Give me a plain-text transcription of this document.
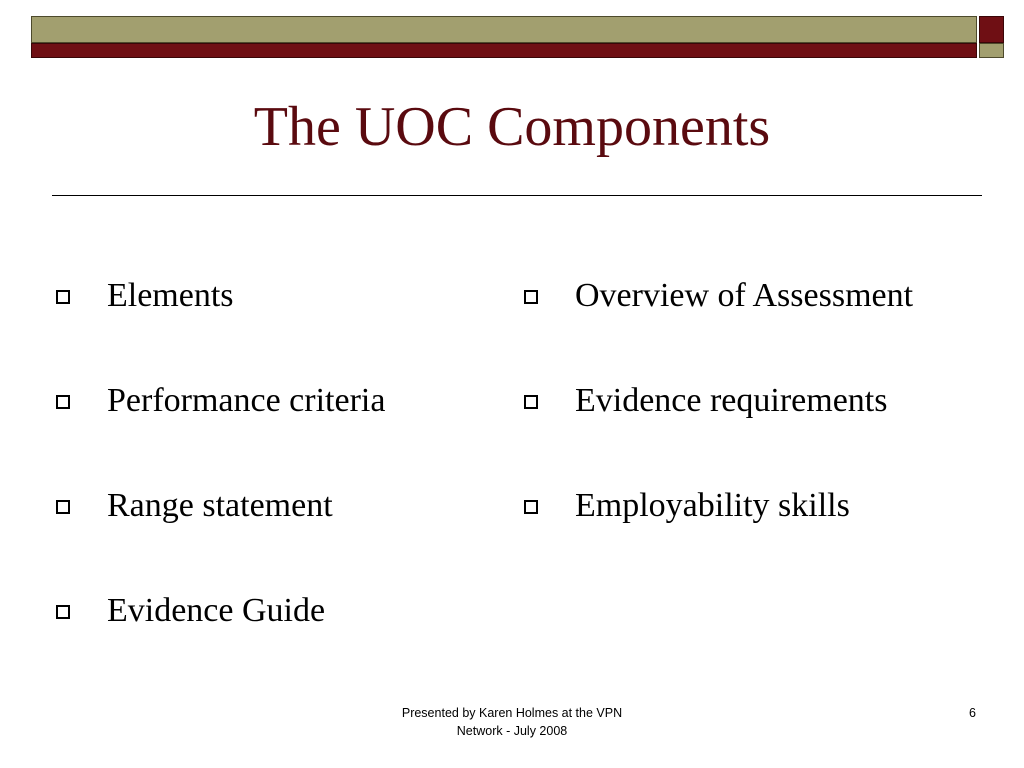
The UOC Components
Elements
Performance criteria
Range statement
Evidence Guide
Overview of Assessment
Evidence requirements
Employability skills
Presented by Karen Holmes at the VPN
Network - July 2008
6
